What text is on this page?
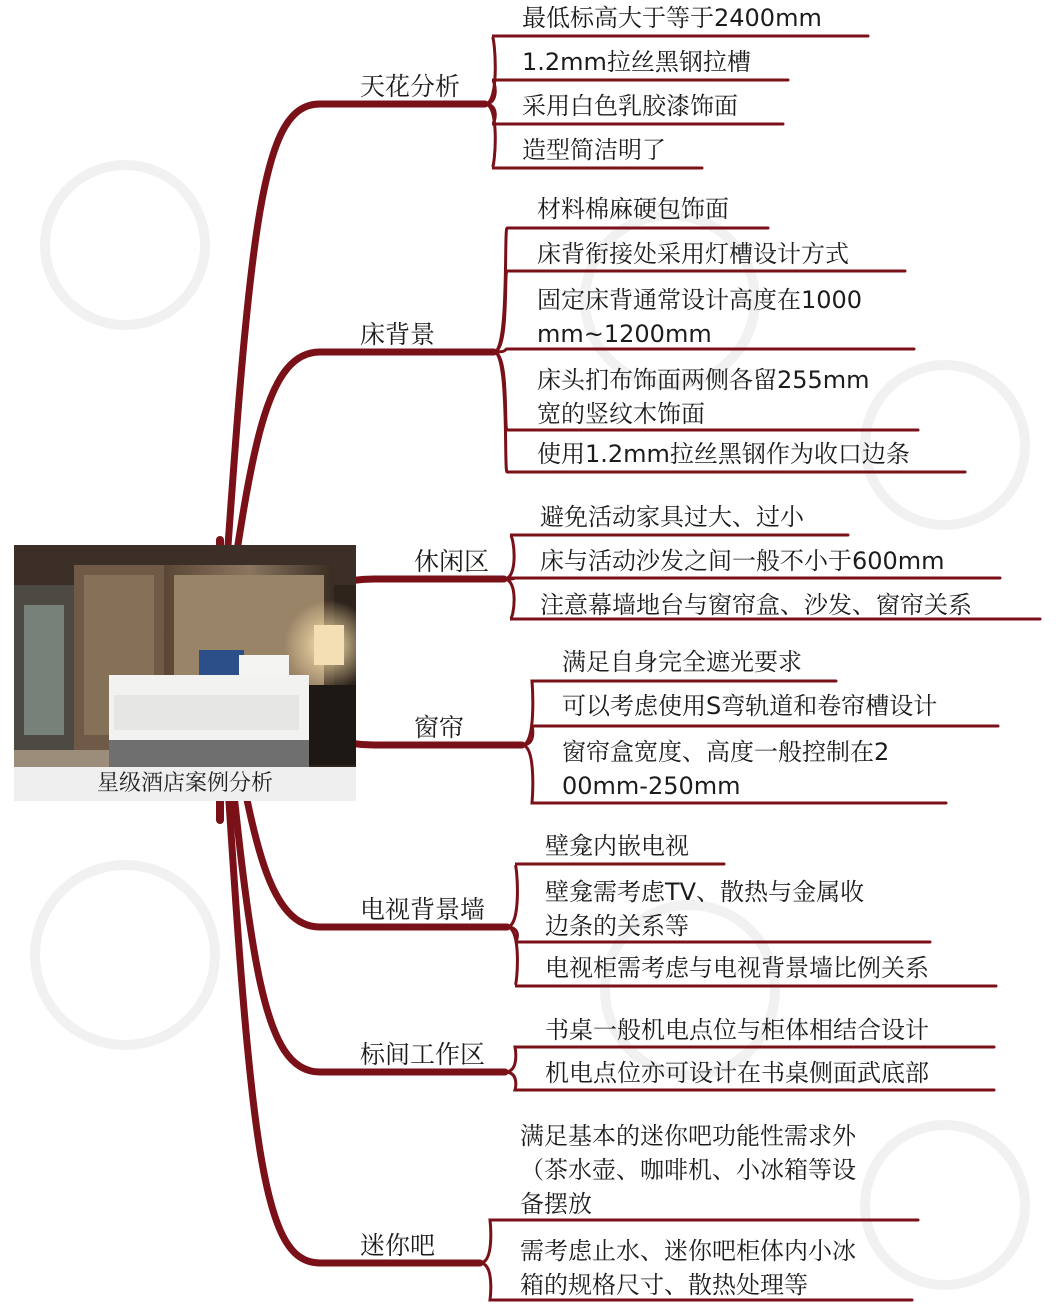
星级酒店案例分析
天花分析
最低标高大于等于2400mm
1.2mm拉丝黑钢拉槽
采用白色乳胶漆饰面
造型简洁明了
床背景
材料棉麻硬包饰面
床背衔接处采用灯槽设计方式
固定床背通常设计高度在1000
mm~1200mm
床头扪布饰面两侧各留255mm
宽的竖纹木饰面
使用1.2mm拉丝黑钢作为收口边条
休闲区
避免活动家具过大、过小
床与活动沙发之间一般不小于600mm
注意幕墙地台与窗帘盒、沙发、窗帘关系
窗帘
满足自身完全遮光要求
可以考虑使用S弯轨道和卷帘槽设计
窗帘盒宽度、高度一般控制在2
00mm-250mm
电视背景墙
壁龛内嵌电视
壁龛需考虑TV、散热与金属收
边条的关系等
电视柜需考虑与电视背景墙比例关系
标间工作区
书桌一般机电点位与柜体相结合设计
机电点位亦可设计在书桌侧面武底部
迷你吧
满足基本的迷你吧功能性需求外
（茶水壶、咖啡机、小冰箱等设
备摆放
需考虑止水、迷你吧柜体内小冰
箱的规格尺寸、散热处理等
